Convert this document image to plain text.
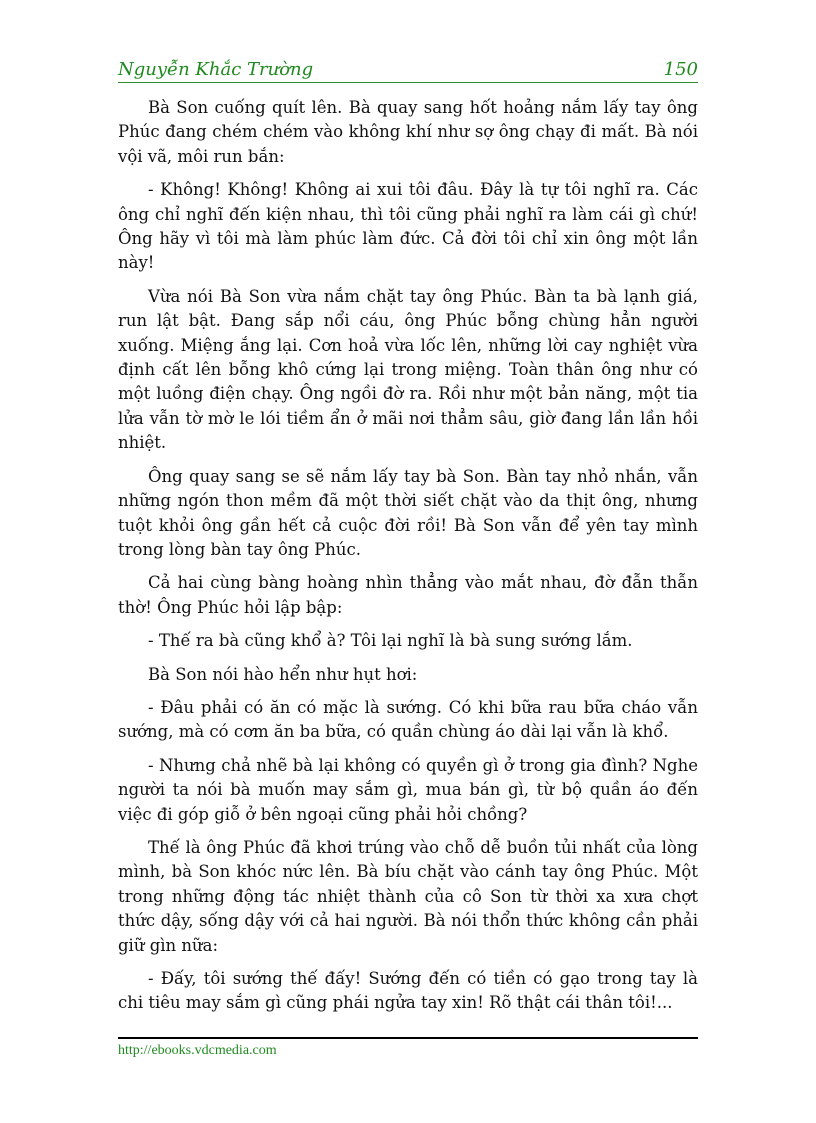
Nguyễn Khắc Trường	150

Bà Son cuống quít lên. Bà quay sang hốt hoảng nắm lấy tay ông Phúc đang chém chém vào không khí như sợ ông chạy đi mất. Bà nói vội vã, môi run bắn:

- Không! Không! Không ai xui tôi đâu. Đây là tự tôi nghĩ ra. Các ông chỉ nghĩ đến kiện nhau, thì tôi cũng phải nghĩ ra làm cái gì chứ! Ông hãy vì tôi mà làm phúc làm đức. Cả đời tôi chỉ xin ông một lần này!

Vừa nói Bà Son vừa nắm chặt tay ông Phúc. Bàn ta bà lạnh giá, run lật bật. Đang sắp nổi cáu, ông Phúc bỗng chùng hẳn người xuống. Miệng ắng lại. Cơn hoả vừa lốc lên, những lời cay nghiệt vừa định cất lên bỗng khô cứng lại trong miệng. Toàn thân ông như có một luồng điện chạy. Ông ngồi đờ ra. Rồi như một bản năng, một tia lửa vẫn tờ mờ le lói tiềm ẩn ở mãi nơi thẳm sâu, giờ đang lần lần hồi nhiệt.

Ông quay sang se sẽ nắm lấy tay bà Son. Bàn tay nhỏ nhắn, vẫn những ngón thon mềm đã một thời siết chặt vào da thịt ông, nhưng tuột khỏi ông gần hết cả cuộc đời rồi! Bà Son vẫn để yên tay mình trong lòng bàn tay ông Phúc.

Cả hai cùng bàng hoàng nhìn thẳng vào mắt nhau, đờ đẫn thẫn thờ! Ông Phúc hỏi lập bập:

- Thế ra bà cũng khổ à? Tôi lại nghĩ là bà sung sướng lắm.

Bà Son nói hào hển như hụt hơi:

- Đâu phải có ăn có mặc là sướng. Có khi bữa rau bữa cháo vẫn sướng, mà có cơm ăn ba bữa, có quần chùng áo dài lại vẫn là khổ.

- Nhưng chả nhẽ bà lại không có quyền gì ở trong gia đình? Nghe người ta nói bà muốn may sắm gì, mua bán gì, từ bộ quần áo đến việc đi góp giỗ ở bên ngoại cũng phải hỏi chồng?

Thế là ông Phúc đã khơi trúng vào chỗ dễ buồn tủi nhất của lòng mình, bà Son khóc nức lên. Bà bíu chặt vào cánh tay ông Phúc. Một trong những động tác nhiệt thành của cô Son từ thời xa xưa chợt thức dậy, sống dậy với cả hai người. Bà nói thổn thức không cần phải giữ gìn nữa:

- Đấy, tôi sướng thế đấy! Sướng đến có tiền có gạo trong tay là chi tiêu may sắm gì cũng phái ngửa tay xin! Rõ thật cái thân tôi!...

http://ebooks.vdcmedia.com
